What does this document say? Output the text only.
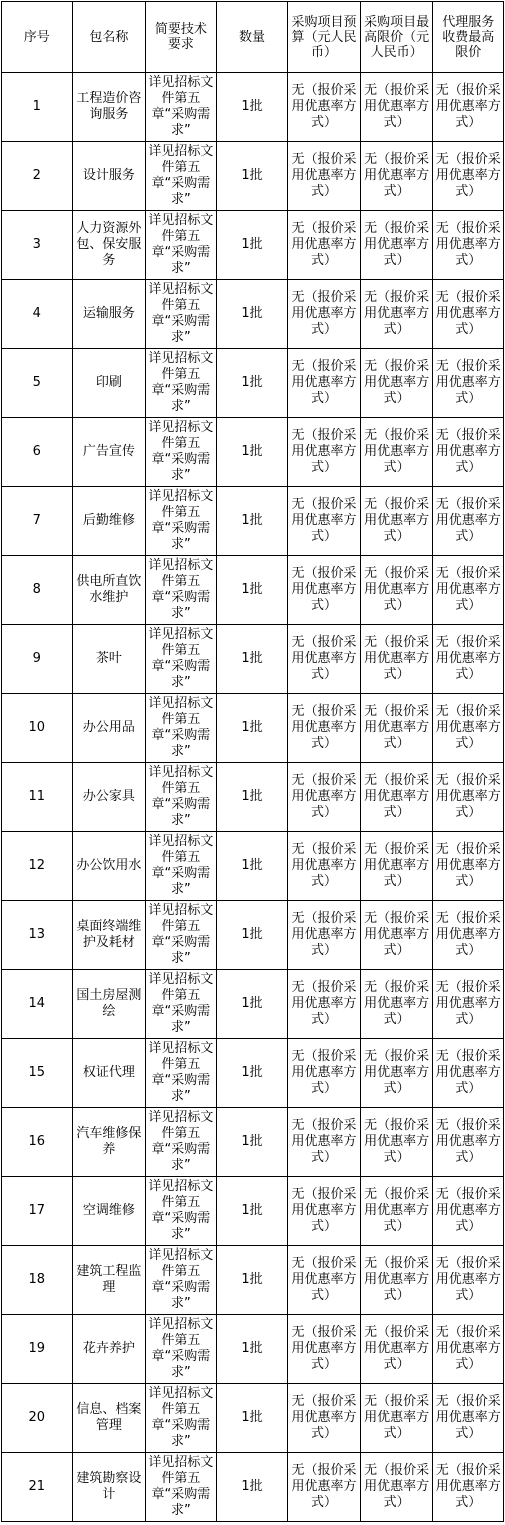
序号	包名称	简要技术要求	数量	采购项目预算（元人民币）	采购项目最高限价（元人民币）	代理服务收费最高限价

1	工程造价咨询服务	详见招标文件第五章“采购需求”	1批	无（报价采用优惠率方式）	无（报价采用优惠率方式）	无（报价采用优惠率方式）
2	设计服务	详见招标文件第五章“采购需求”	1批	无（报价采用优惠率方式）	无（报价采用优惠率方式）	无（报价采用优惠率方式）
3	人力资源外包、保安服务	详见招标文件第五章“采购需求”	1批	无（报价采用优惠率方式）	无（报价采用优惠率方式）	无（报价采用优惠率方式）
4	运输服务	详见招标文件第五章“采购需求”	1批	无（报价采用优惠率方式）	无（报价采用优惠率方式）	无（报价采用优惠率方式）
5	印刷	详见招标文件第五章“采购需求”	1批	无（报价采用优惠率方式）	无（报价采用优惠率方式）	无（报价采用优惠率方式）
6	广告宣传	详见招标文件第五章“采购需求”	1批	无（报价采用优惠率方式）	无（报价采用优惠率方式）	无（报价采用优惠率方式）
7	后勤维修	详见招标文件第五章“采购需求”	1批	无（报价采用优惠率方式）	无（报价采用优惠率方式）	无（报价采用优惠率方式）
8	供电所直饮水维护	详见招标文件第五章“采购需求”	1批	无（报价采用优惠率方式）	无（报价采用优惠率方式）	无（报价采用优惠率方式）
9	茶叶	详见招标文件第五章“采购需求”	1批	无（报价采用优惠率方式）	无（报价采用优惠率方式）	无（报价采用优惠率方式）
10	办公用品	详见招标文件第五章“采购需求”	1批	无（报价采用优惠率方式）	无（报价采用优惠率方式）	无（报价采用优惠率方式）
11	办公家具	详见招标文件第五章“采购需求”	1批	无（报价采用优惠率方式）	无（报价采用优惠率方式）	无（报价采用优惠率方式）
12	办公饮用水	详见招标文件第五章“采购需求”	1批	无（报价采用优惠率方式）	无（报价采用优惠率方式）	无（报价采用优惠率方式）
13	桌面终端维护及耗材	详见招标文件第五章“采购需求”	1批	无（报价采用优惠率方式）	无（报价采用优惠率方式）	无（报价采用优惠率方式）
14	国土房屋测绘	详见招标文件第五章“采购需求”	1批	无（报价采用优惠率方式）	无（报价采用优惠率方式）	无（报价采用优惠率方式）
15	权证代理	详见招标文件第五章“采购需求”	1批	无（报价采用优惠率方式）	无（报价采用优惠率方式）	无（报价采用优惠率方式）
16	汽车维修保养	详见招标文件第五章“采购需求”	1批	无（报价采用优惠率方式）	无（报价采用优惠率方式）	无（报价采用优惠率方式）
17	空调维修	详见招标文件第五章“采购需求”	1批	无（报价采用优惠率方式）	无（报价采用优惠率方式）	无（报价采用优惠率方式）
18	建筑工程监理	详见招标文件第五章“采购需求”	1批	无（报价采用优惠率方式）	无（报价采用优惠率方式）	无（报价采用优惠率方式）
19	花卉养护	详见招标文件第五章“采购需求”	1批	无（报价采用优惠率方式）	无（报价采用优惠率方式）	无（报价采用优惠率方式）
20	信息、档案管理	详见招标文件第五章“采购需求”	1批	无（报价采用优惠率方式）	无（报价采用优惠率方式）	无（报价采用优惠率方式）
21	建筑勘察设计	详见招标文件第五章“采购需求”	1批	无（报价采用优惠率方式）	无（报价采用优惠率方式）	无（报价采用优惠率方式）
